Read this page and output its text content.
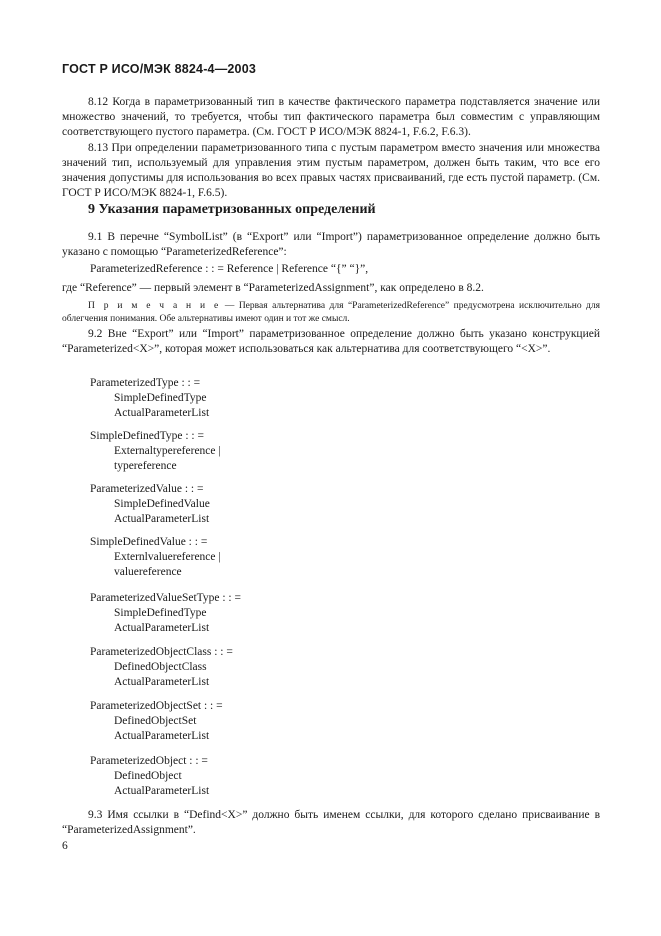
ГОСТ Р ИСО/МЭК 8824-4—2003
8.12 Когда в параметризованный тип в качестве фактического параметра подставляется значение или множество значений, то требуется, чтобы тип фактического параметра был совместим с управляющим соответствующего пустого параметра. (См. ГОСТ Р ИСО/МЭК 8824-1, F.6.2, F.6.3).
8.13 При определении параметризованного типа с пустым параметром вместо значения или множества значений тип, используемый для управления этим пустым параметром, должен быть таким, что все его значения допустимы для использования во всех правых частях присваиваний, где есть пустой параметр. (См. ГОСТ Р ИСО/МЭК 8824-1, F.6.5).
9 Указания параметризованных определений
9.1 В перечне “SymbolList” (в “Export” или “Import”) параметризованное определение должно быть указано с помощью “ParameterizedReference”:
ParameterizedReference : : = Reference | Reference “{” “}”,
где “Reference” — первый элемент в “ParameterizedAssignment”, как определено в 8.2.
П р и м е ч а н и е — Первая альтернатива для “ParameterizedReference” предусмотрена исключительно для облегчения понимания. Обе альтернативы имеют один и тот же смысл.
9.2 Вне “Export” или “Import” параметризованное определение должно быть указано конструкцией “Parameterized<X>”, которая может использоваться как альтернатива для соответствующего “<X>”.
ParameterizedType : : =
SimpleDefinedType
ActualParameterList
SimpleDefinedType : : =
Externaltypereference |
typereference
ParameterizedValue : : =
SimpleDefinedValue
ActualParameterList
SimpleDefinedValue : : =
Externlvaluereference |
valuereference
ParameterizedValueSetType : : =
SimpleDefinedType
ActualParameterList
ParameterizedObjectClass : : =
DefinedObjectClass
ActualParameterList
ParameterizedObjectSet : : =
DefinedObjectSet
ActualParameterList
ParameterizedObject : : =
DefinedObject
ActualParameterList
9.3 Имя ссылки в “Defind<X>” должно быть именем ссылки, для которого сделано присваивание в “ParameterizedAssignment”.
6
